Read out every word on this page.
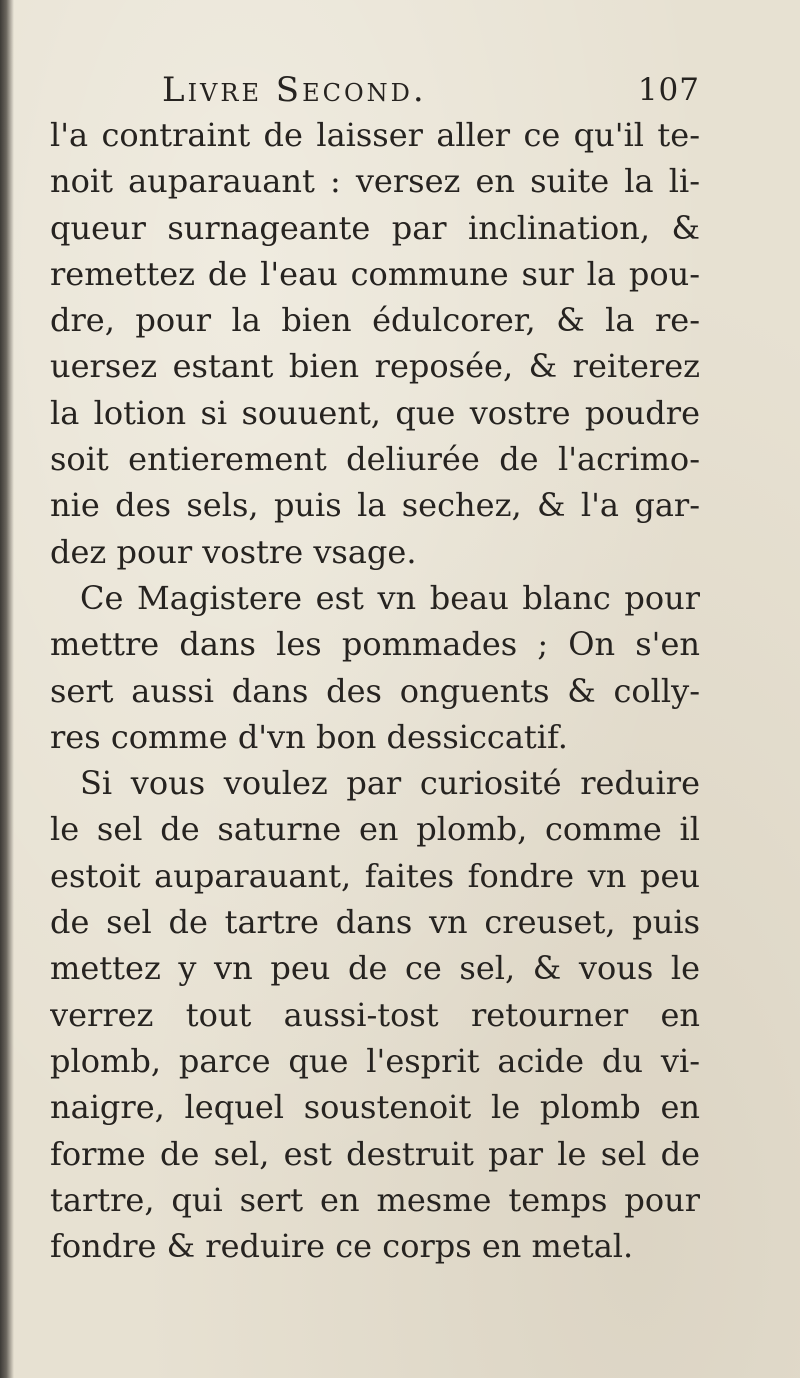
Livre Second.	107
l'a contraint de laisser aller ce qu'il te-
noit auparauant : versez en suite la li-
queur surnageante par inclination, &
remettez de l'eau commune sur la pou-
dre, pour la bien édulcorer, & la re-
uersez estant bien reposée, & reiterez
la lotion si souuent, que vostre poudre
soit entierement deliurée de l'acrimo-
nie des sels, puis la sechez, & l'a gar-
dez pour vostre vsage.
Ce Magistere est vn beau blanc pour
mettre dans les pommades ; On s'en
sert aussi dans des onguents & colly-
res comme d'vn bon dessiccatif.
Si vous voulez par curiosité reduire
le sel de saturne en plomb, comme il
estoit auparauant, faites fondre vn peu
de sel de tartre dans vn creuset, puis
mettez y vn peu de ce sel, & vous le
verrez tout aussi-tost retourner en
plomb, parce que l'esprit acide du vi-
naigre, lequel soustenoit le plomb en
forme de sel, est destruit par le sel de
tartre, qui sert en mesme temps pour
fondre & reduire ce corps en metal.
